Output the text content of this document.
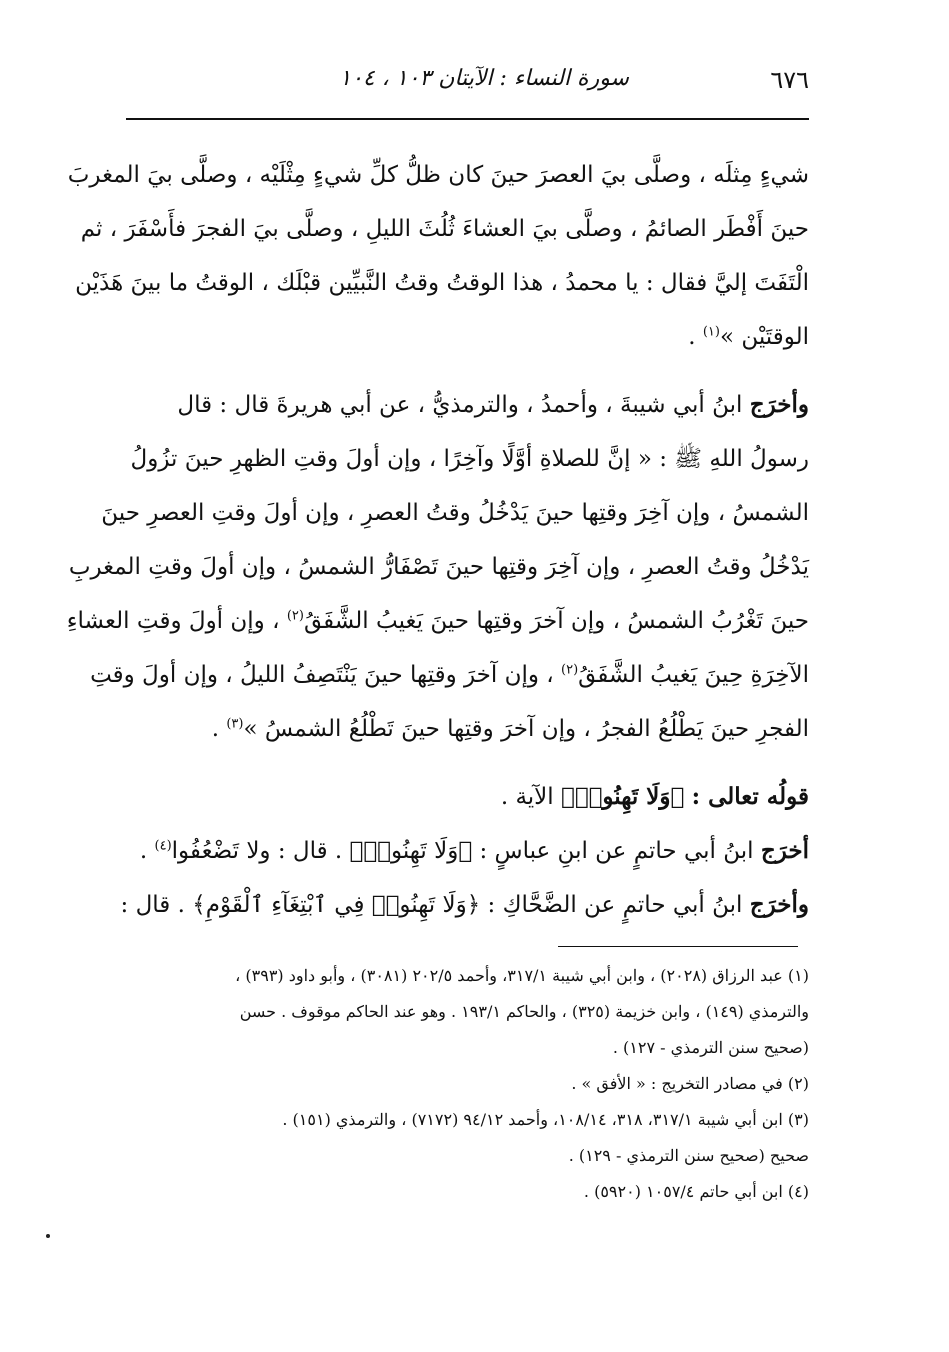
٦٧٦
سورة النساء : الآيتان ١٠٣ ، ١٠٤

شيءٍ مِثلَه ، وصلَّى بيَ العصرَ حينَ كان ظلُّ كلِّ شيءٍ مِثْلَيْه ، وصلَّى بيَ المغربَ
حينَ أَفْطَر الصائمُ ، وصلَّى بيَ العشاءَ ثُلُثَ الليلِ ، وصلَّى بيَ الفجرَ فأَسْفَرَ ، ثم
الْتَفَتَ إليَّ فقال : يا محمدُ ، هذا الوقتُ وقتُ النَّبيِّين قبْلَك ، الوقتُ ما بينَ هَذَيْن
الوقتَيْن »$^{(١)}$ .

وأخرَج ابنُ أبي شيبةَ ، وأحمدُ ، والترمذيُّ ، عن أبي هريرةَ قال : قال
رسولُ اللهِ ﷺ : « إنَّ للصلاةِ أوَّلًا وآخِرًا ، وإن أولَ وقتِ الظهرِ حينَ تزُولُ
الشمسُ ، وإن آخِرَ وقتِها حينَ يَدْخُلُ وقتُ العصرِ ، وإن أولَ وقتِ العصرِ حينَ
يَدْخُلُ وقتُ العصرِ ، وإن آخِرَ وقتِها حينَ تَصْفَارُّ الشمسُ ، وإن أولَ وقتِ المغربِ
حينَ تَغْرُبُ الشمسُ ، وإن آخرَ وقتِها حينَ يَغيبُ الشَّفَقُ$^{(٢)}$ ، وإن أولَ وقتِ العشاءِ
الآخِرَةِ حِينَ يَغيبُ الشَّفَقُ$^{(٢)}$ ، وإن آخرَ وقتِها حينَ يَنْتَصِفُ الليلُ ، وإن أولَ وقتِ
الفجرِ حينَ يَطْلُعُ الفجرُ ، وإن آخرَ وقتِها حينَ تَطْلُعُ الشمسُ »$^{(٣)}$ .

قولُه تعالى : ﴿وَلَا تَهِنُوا۟﴾ الآية .

أخرَج ابنُ أبي حاتمٍ عن ابنِ عباسٍ : ﴿وَلَا تَهِنُوا۟﴾ . قال : ولا تَضْعُفُوا$^{(٤)}$ .

وأخرَج ابنُ أبي حاتمٍ عن الضَّحَّاكِ : ﴿وَلَا تَهِنُوا۟ فِي ٱبْتِغَآءِ ٱلْقَوْمِ﴾ . قال :

(١) عبد الرزاق (٢٠٢٨) ، وابن أبي شيبة ٣١٧/١، وأحمد ٢٠٢/٥ (٣٠٨١) ، وأبو داود (٣٩٣) ،
والترمذي (١٤٩) ، وابن خزيمة (٣٢٥) ، والحاكم ١٩٣/١ . وهو عند الحاكم موقوف . حسن
(صحيح سنن الترمذي - ١٢٧) .
(٢) في مصادر التخريج : « الأفق » .
(٣) ابن أبي شيبة ٣١٧/١، ٣١٨، ١٠٨/١٤، وأحمد ٩٤/١٢ (٧١٧٢) ، والترمذي (١٥١) .
صحيح (صحيح سنن الترمذي - ١٢٩) .
(٤) ابن أبي حاتم ١٠٥٧/٤ (٥٩٢٠) .
